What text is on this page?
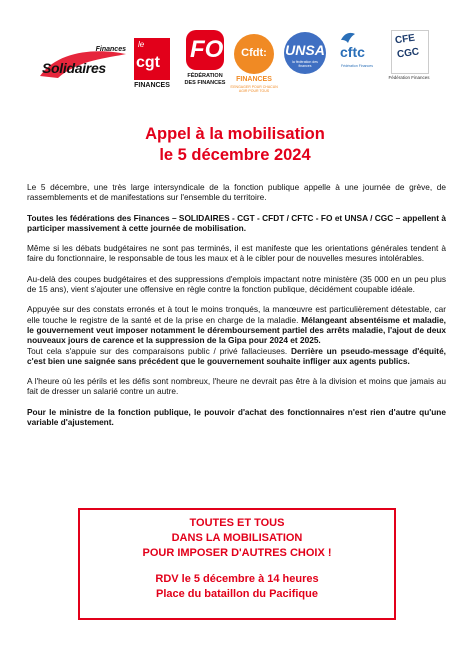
Finances
Solidaires
le
cgt
FINANCES
FO
FÉDÉRATION
DES FINANCES
Cfdt:
FINANCES
S'ENGAGER POUR CHACUN AGIR POUR TOUS
UNSA
la fédération des finances
cftc
Fédération Finances
CFE
CGC
Fédération Finances
Appel à la mobilisation
le 5 décembre 2024

Le 5 décembre, une très large intersyndicale de la fonction publique appelle à une journée de grève, de rassemblements et de manifestations sur l'ensemble du territoire.

Toutes les fédérations des Finances – SOLIDAIRES - CGT - CFDT / CFTC - FO et UNSA / CGC – appellent à participer massivement à cette journée de mobilisation.

Même si les débats budgétaires ne sont pas terminés, il est manifeste que les orientations générales tendent à faire du fonctionnaire, le responsable de tous les maux et à le cibler pour de nouvelles mesures intolérables.

Au-delà des coupes budgétaires et des suppressions d'emplois impactant notre ministère (35 000 en un peu plus de 15 ans), vient s'ajouter une offensive en règle contre la fonction publique, décidément coupable idéale.

Appuyée sur des constats erronés et à tout le moins tronqués, la manœuvre est particulièrement détestable, car elle touche le registre de la santé et de la prise en charge de la maladie. Mélangeant absentéisme et maladie, le gouvernement veut imposer notamment le déremboursement partiel des arrêts maladie, l'ajout de deux nouveaux jours de carence et la suppression de la Gipa pour 2024 et 2025.

Tout cela s'appuie sur des comparaisons public / privé fallacieuses. Derrière un pseudo-message d'équité, c'est bien une saignée sans précédent que le gouvernement souhaite infliger aux agents publics.

A l'heure où les périls et les défis sont nombreux, l'heure ne devrait pas être à la division et moins que jamais au fait de dresser un salarié contre un autre.

Pour le ministre de la fonction publique, le pouvoir d'achat des fonctionnaires n'est rien d'autre qu'une variable d'ajustement.

TOUTES ET TOUS
DANS LA MOBILISATION
POUR IMPOSER D'AUTRES CHOIX !
RDV le 5 décembre à 14 heures
Place du bataillon du Pacifique
